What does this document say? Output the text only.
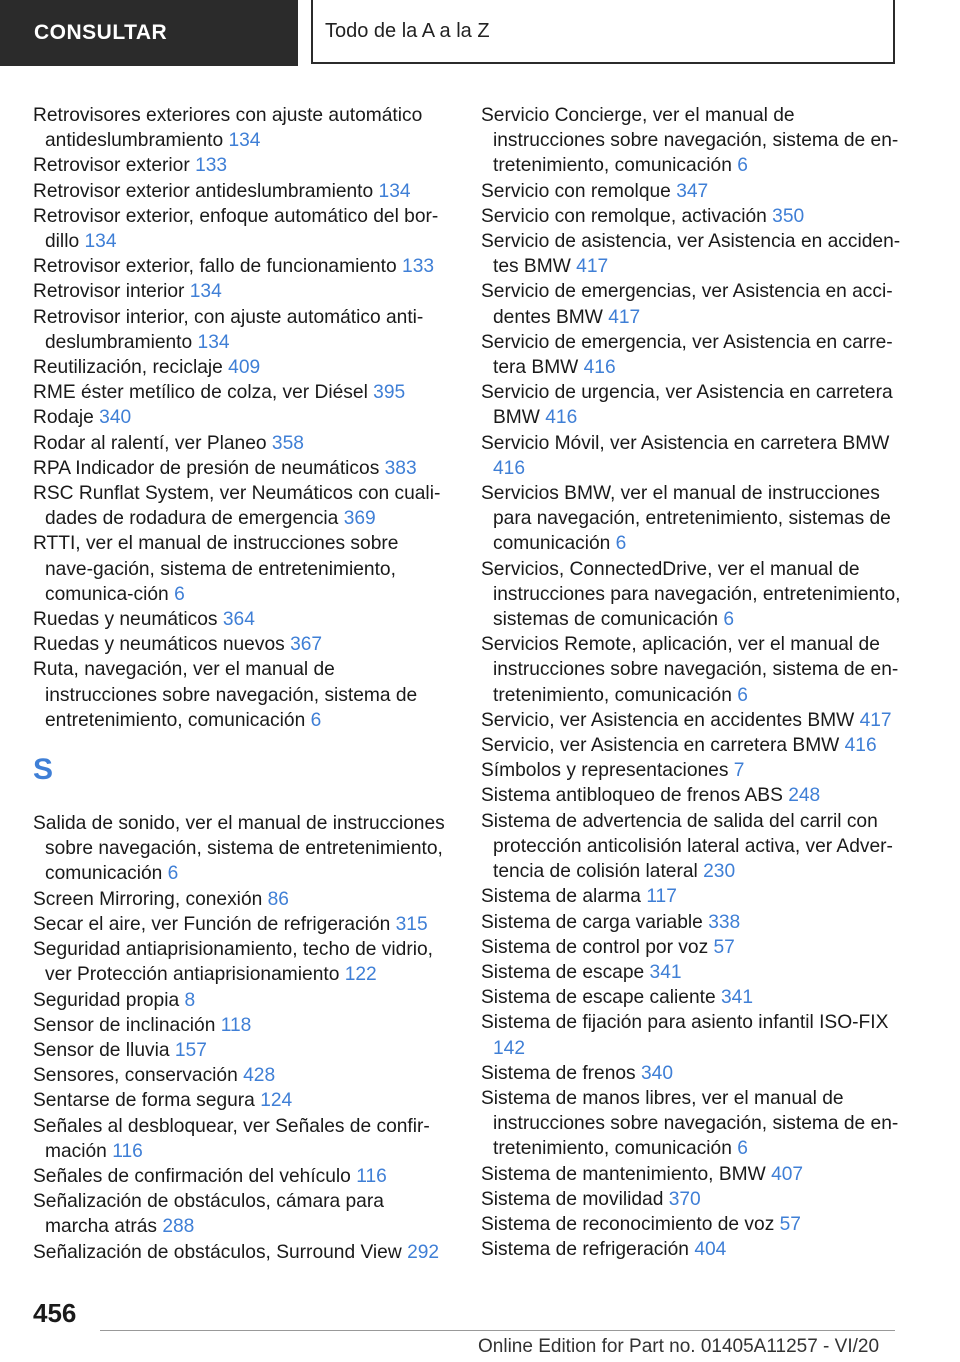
CONSULTAR	Todo de la A a la Z

Retrovisores exteriores con ajuste automático antideslumbramiento 134

Retrovisor exterior 133

Retrovisor exterior antideslumbramiento 134

Retrovisor exterior, enfoque automático del bor-dillo 134

Retrovisor exterior, fallo de funcionamiento 133

Retrovisor interior 134

Retrovisor interior, con ajuste automático anti-deslumbramiento 134

Reutilización, reciclaje 409

RME éster metílico de colza, ver Diésel 395

Rodaje 340

Rodar al ralentí, ver Planeo 358

RPA Indicador de presión de neumáticos 383

RSC Runflat System, ver Neumáticos con cuali-dades de rodadura de emergencia 369

RTTI, ver el manual de instrucciones sobre nave-gación, sistema de entretenimiento, comunica-ción 6

Ruedas y neumáticos 364

Ruedas y neumáticos nuevos 367

Ruta, navegación, ver el manual de instrucciones sobre navegación, sistema de entretenimiento, comunicación 6

S

Salida de sonido, ver el manual de instrucciones sobre navegación, sistema de entretenimiento, comunicación 6

Screen Mirroring, conexión 86

Secar el aire, ver Función de refrigeración 315

Seguridad antiaprisionamiento, techo de vidrio, ver Protección antiaprisionamiento 122

Seguridad propia 8

Sensor de inclinación 118

Sensor de lluvia 157

Sensores, conservación 428

Sentarse de forma segura 124

Señales al desbloquear, ver Señales de confir-mación 116

Señales de confirmación del vehículo 116

Señalización de obstáculos, cámara para marcha atrás 288

Señalización de obstáculos, Surround View 292

Servicio Concierge, ver el manual de instrucciones sobre navegación, sistema de en-tretenimiento, comunicación 6

Servicio con remolque 347

Servicio con remolque, activación 350

Servicio de asistencia, ver Asistencia en acciden-tes BMW 417

Servicio de emergencias, ver Asistencia en acci-dentes BMW 417

Servicio de emergencia, ver Asistencia en carre-tera BMW 416

Servicio de urgencia, ver Asistencia en carretera BMW 416

Servicio Móvil, ver Asistencia en carretera BMW 416

Servicios BMW, ver el manual de instrucciones para navegación, entretenimiento, sistemas de comunicación 6

Servicios, ConnectedDrive, ver el manual de instrucciones para navegación, entretenimiento, sistemas de comunicación 6

Servicios Remote, aplicación, ver el manual de instrucciones sobre navegación, sistema de en-tretenimiento, comunicación 6

Servicio, ver Asistencia en accidentes BMW 417

Servicio, ver Asistencia en carretera BMW 416

Símbolos y representaciones 7

Sistema antibloqueo de frenos ABS 248

Sistema de advertencia de salida del carril con protección anticolisión lateral activa, ver Adver-tencia de colisión lateral 230

Sistema de alarma 117

Sistema de carga variable 338

Sistema de control por voz 57

Sistema de escape 341

Sistema de escape caliente 341

Sistema de fijación para asiento infantil ISO-FIX 142

Sistema de frenos 340

Sistema de manos libres, ver el manual de instrucciones sobre navegación, sistema de en-tretenimiento, comunicación 6

Sistema de mantenimiento, BMW 407

Sistema de movilidad 370

Sistema de reconocimiento de voz 57

Sistema de refrigeración 404

456
Online Edition for Part no. 01405A11257 - VI/20
